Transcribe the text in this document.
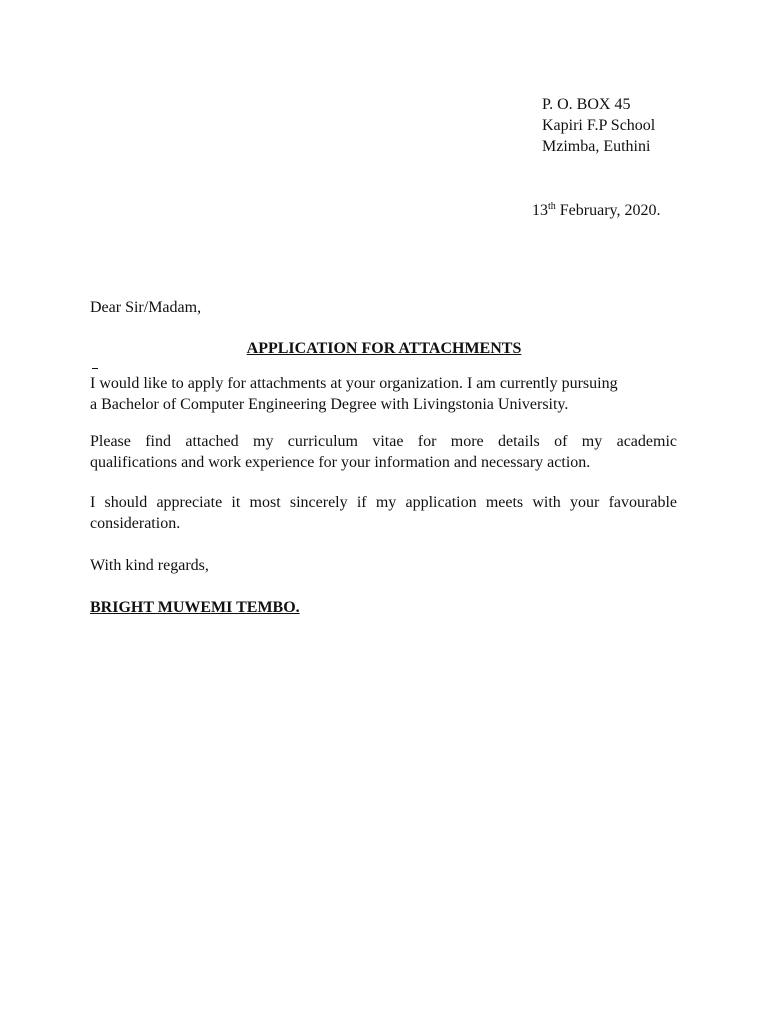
P. O. BOX 45
Kapiri F.P School
Mzimba, Euthini
13th February, 2020.
Dear Sir/Madam,
APPLICATION FOR ATTACHMENTS
I would like to apply for attachments at your organization. I am currently pursuing
a Bachelor of Computer Engineering Degree with Livingstonia University.
Please find attached my curriculum vitae for more details of my academic
qualifications and work experience for your information and necessary action.
I should appreciate it most sincerely if my application meets with your favourable
consideration.
With kind regards,
BRIGHT MUWEMI TEMBO.
